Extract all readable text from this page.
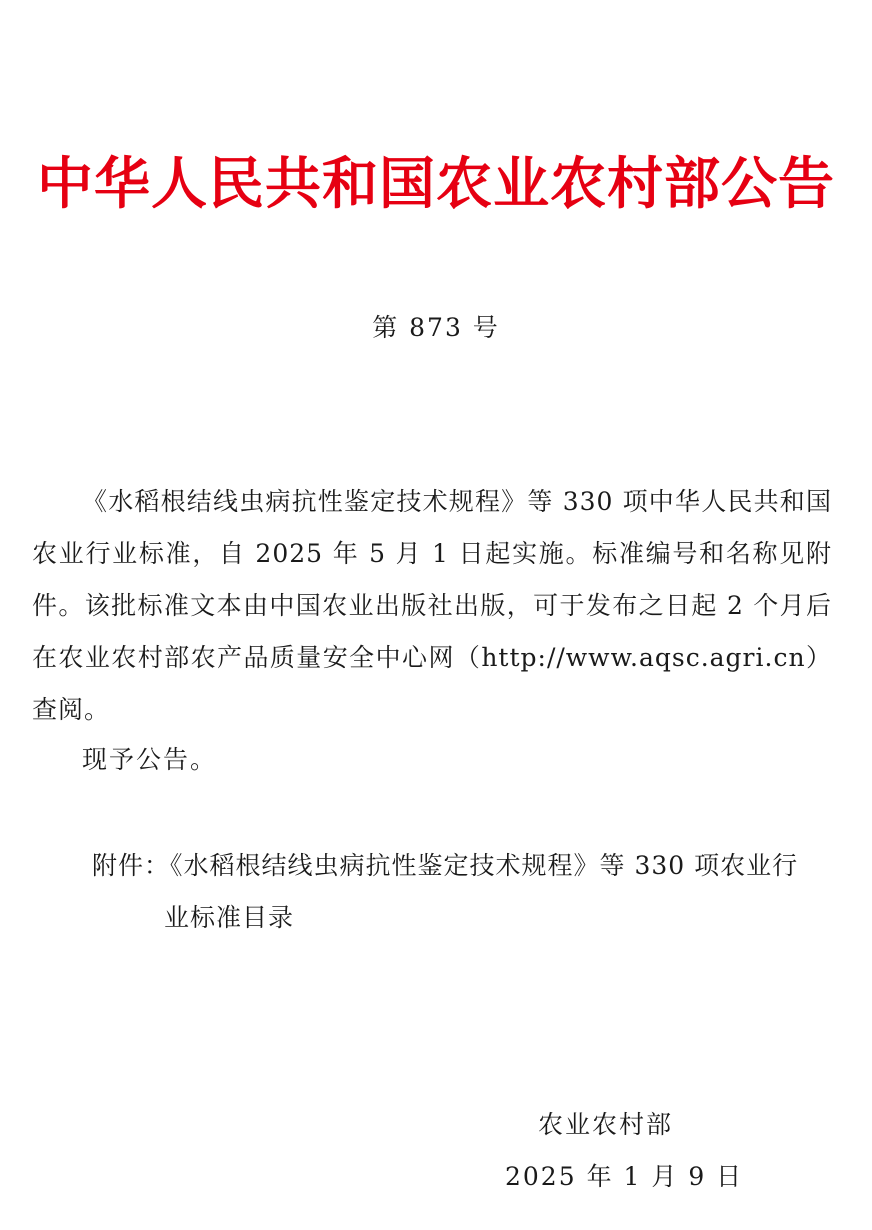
中华人民共和国农业农村部公告
第 873 号

《水稻根结线虫病抗性鉴定技术规程》等 330 项中华人民共和国农业行业标准，自 2025 年 5 月 1 日起实施。标准编号和名称见附件。该批标准文本由中国农业出版社出版，可于发布之日起 2 个月后在农业农村部农产品质量安全中心网（http://www.aqsc.agri.cn）查阅。

现予公告。
附件：《水稻根结线虫病抗性鉴定技术规程》等 330 项农业行
业标准目录
农业农村部
2025 年 1 月 9 日
